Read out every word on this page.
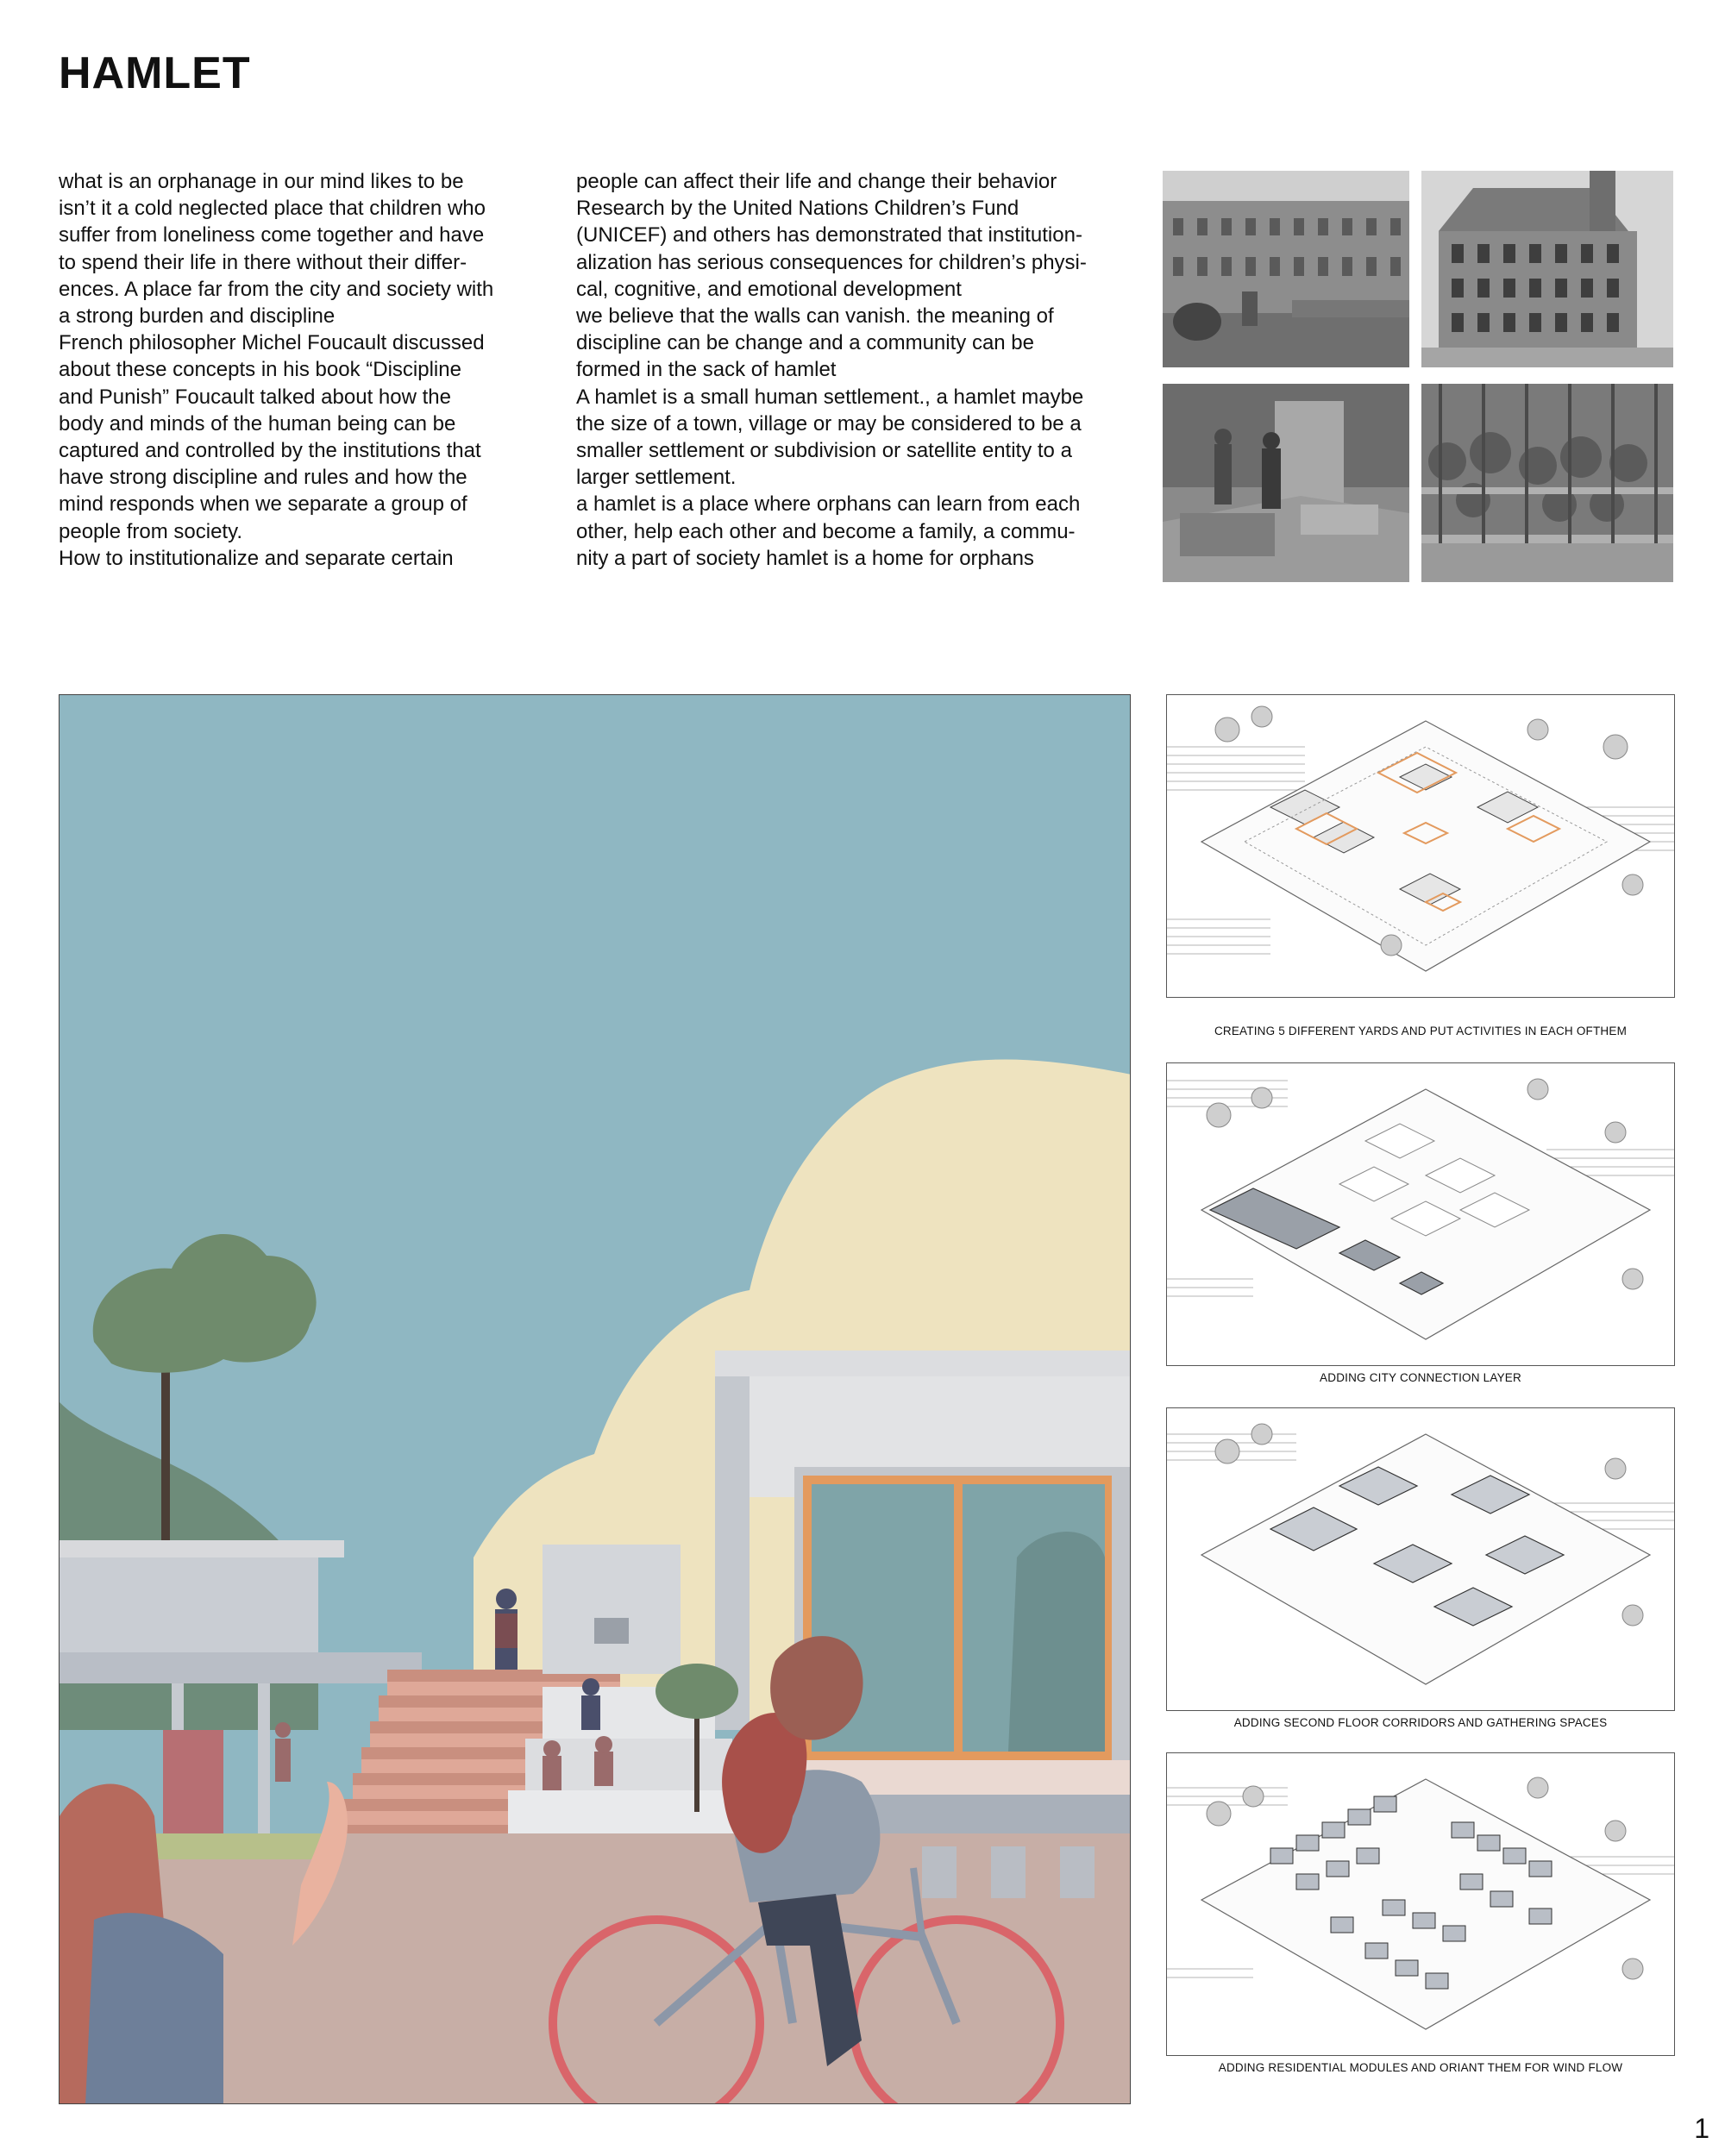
HAMLET

what is an orphanage in our mind likes to be

isn’t it a cold neglected place that children who

suffer from loneliness come together and have

to spend their life in there without their differ-

ences. A place far from the city and society with

a strong burden and discipline

French philosopher Michel Foucault discussed

about these concepts in his book “Discipline

and Punish” Foucault talked about how the

body and minds of the human being can be

captured and controlled by the institutions that

have strong discipline and rules and how the

mind responds when we separate a group of

people from society.

How to institutionalize and separate certain

people can affect their life and change their behavior

Research by the United Nations Children’s Fund

(UNICEF) and others has demonstrated that institution-

alization has serious consequences for children’s physi-

cal, cognitive, and emotional development

we believe that the walls can vanish. the meaning of

discipline can be change and a community can be

formed in the sack of hamlet

A hamlet is a small human settlement., a hamlet maybe

the size of a town, village or may be considered to be a

smaller settlement or subdivision or satellite entity to a

larger settlement.

a hamlet is a place where orphans can learn from each

other, help each other and become a family, a commu-

nity a part of society hamlet is a home for orphans

CREATING 5 DIFFERENT YARDS AND PUT ACTIVITIES IN EACH OFTHEM
ADDING CITY CONNECTION LAYER
ADDING SECOND FLOOR CORRIDORS AND GATHERING SPACES
ADDING RESIDENTIAL MODULES AND ORIANT THEM FOR WIND FLOW
1
